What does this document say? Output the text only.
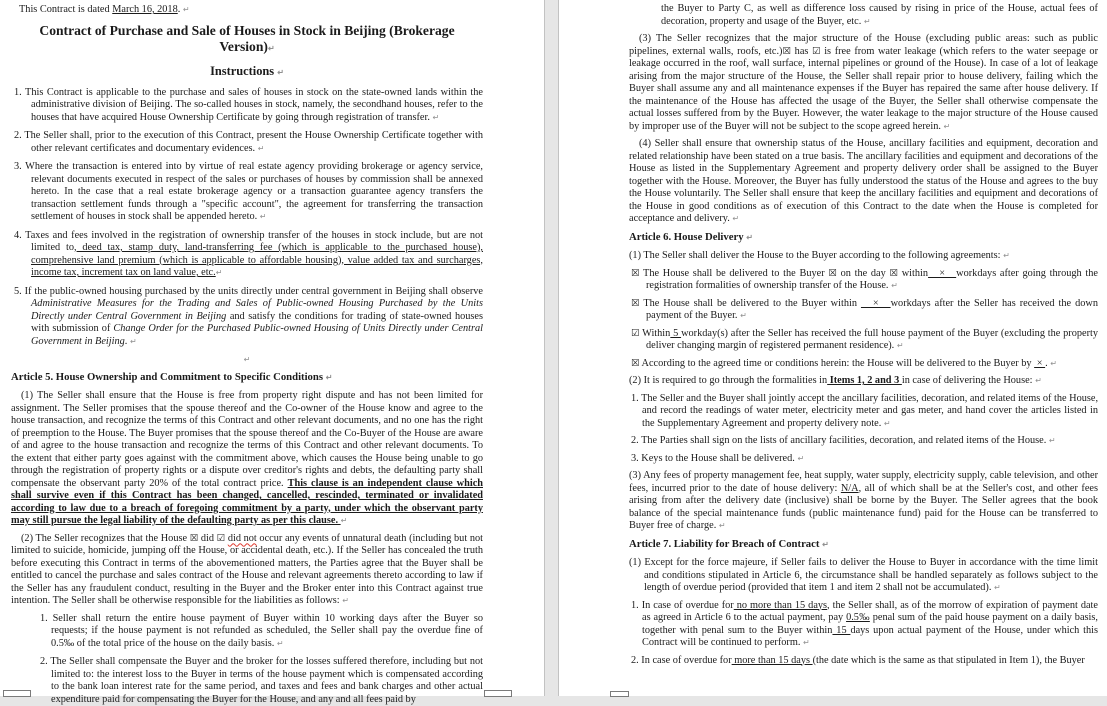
This Contract is dated March 16, 2018. ↵
Contract of Purchase and Sale of Houses in Stock in Beijing (Brokerage Version)↵
Instructions ↵
1. This Contract is applicable to the purchase and sales of houses in stock on the state-owned lands within the administrative division of Beijing. The so-called houses in stock, namely, the secondhand houses, refer to the houses that have acquired House Ownership Certificate by going through registration of transfer. ↵
2. The Seller shall, prior to the execution of this Contract, present the House Ownership Certificate together with other relevant certificates and documentary evidences. ↵
3. Where the transaction is entered into by virtue of real estate agency providing brokerage or agency service, relevant documents executed in respect of the sales or purchases of houses by commission shall be annexed hereto. In the case that a real estate brokerage agency or a transaction guarantee agency transfers the transaction settlement funds through a "specific account", the agreement for transferring the transaction settlement of houses in stock shall be appended hereto. ↵
4. Taxes and fees involved in the registration of ownership transfer of the houses in stock include, but are not limited to, deed tax, stamp duty, land-transferring fee (which is applicable to the purchased house), comprehensive land premium (which is applicable to affordable housing), value added tax and surcharges, income tax, increment tax on land value, etc.↵
5. If the public-owned housing purchased by the units directly under central government in Beijing shall observe Administrative Measures for the Trading and Sales of Public-owned Housing Purchased by the Units Directly under Central Government in Beijing and satisfy the conditions for trading of state-owned houses with submission of Change Order for the Purchased Public-owned Housing of Units Directly under Central Government in Beijing. ↵
↵
Article 5. House Ownership and Commitment to Specific Conditions ↵
(1) The Seller shall ensure that the House is free from property right dispute and has not been limited for assignment. The Seller promises that the spouse thereof and the Co-owner of the House know and agree to the house transaction, and recognize the terms of this Contract and other relevant documents, and no one has the right of preemption to the House. The Buyer promises that the spouse thereof and the Co-Buyer of the House are aware of and agree to the house transaction and recognize the terms of this Contract and other relevant documents. To the extent that either party goes against with the commitment above, which causes the House being unable to go through the registration of property rights or a dispute over creditor's rights and debts, the defaulting party shall compensate the observant party 20% of the total contract price. This clause is an independent clause which shall survive even if this Contract has been changed, cancelled, rescinded, terminated or invalidated according to law due to a breach of foregoing commitment by a party, under which the observant party may still pursue the legal liability of the defaulting party as per this clause. ↵
(2) The Seller recognizes that the House ☒ did ☑ did not occur any events of unnatural death (including but not limited to suicide, homicide, jumping off the House, or accidental death, etc.). If the Seller has concealed the truth before executing this Contract in terms of the abovementioned matters, the Parties agree that the Buyer shall be entitled to cancel the purchase and sales contract of the House and relevant agreements thereto according to law if the Seller has any fraudulent conduct, resulting in the Buyer and the Broker enter into this Contract against true intention. The Seller shall be otherwise responsible for the liabilities as follows: ↵
1. Seller shall return the entire house payment of Buyer within 10 working days after the Buyer so requests; if the house payment is not refunded as scheduled, the Seller shall pay the overdue fine of 0.5‰ of the total price of the house on the daily basis. ↵
2. The Seller shall compensate the Buyer and the broker for the losses suffered therefore, including but not limited to: the interest loss to the Buyer in terms of the house payment which is compensated according to the bank loan interest rate for the same period, and taxes and fees and bank charges and other actual expenditure paid for compensating the Buyer for the House, and any and all fees paid by
the Buyer to Party C, as well as difference loss caused by rising in price of the House, actual fees of decoration, property and usage of the Buyer, etc. ↵
(3) The Seller recognizes that the major structure of the House (excluding public areas: such as public pipelines, external walls, roofs, etc.)☒ has ☑ is free from water leakage (which refers to the water seepage or leakage occurred in the roof, wall surface, internal pipelines or ground of the House). In case of a lot of leakage arising from the major structure of the House, the Seller shall repair prior to house delivery, failing which the Buyer shall assume any and all maintenance expenses if the Buyer has repaired the same after house delivery. If the maintenance of the House has affected the usage of the Buyer, the Seller shall otherwise compensate the actual losses suffered from by the Buyer. However, the water leakage to the major structure of the House caused by improper use of the Buyer will not be subject to the scope agreed herein. ↵
(4) Seller shall ensure that ownership status of the House, ancillary facilities and equipment, decoration and related relationship have been stated on a true basis. The ancillary facilities and equipment and decorations of the House as listed in the Supplementary Agreement and property delivery order shall be assigned to the Buyer together with the House. Moreover, the Buyer has fully understood the status of the House and agrees to the buy the House voluntarily. The Seller shall ensure that keep the ancillary facilities and equipment and decorations of the House in good conditions as of execution of this Contract to the date when the House is completed for acceptance and delivery. ↵
Article 6. House Delivery ↵
(1) The Seller shall deliver the House to the Buyer according to the following agreements: ↵
☒ The House shall be delivered to the Buyer ☒ on the day ☒ within   ×   workdays after going through the registration formalities of ownership transfer of the House. ↵
☒ The House shall be delivered to the Buyer within    ×   workdays after the Seller has received the down payment of the Buyer. ↵
☑ Within 5 workday(s) after the Seller has received the full house payment of the Buyer (excluding the property deliver changing margin of registered permanent residence). ↵
☒ According to the agreed time or conditions herein: the House will be delivered to the Buyer by  × . ↵
(2) It is required to go through the formalities in Items 1, 2 and 3 in case of delivering the House: ↵
1. The Seller and the Buyer shall jointly accept the ancillary facilities, decoration, and related items of the House, and record the readings of water meter, electricity meter and gas meter, and hand cover the articles listed in the Supplementary Agreement and property delivery note. ↵
2. The Parties shall sign on the lists of ancillary facilities, decoration, and related items of the House. ↵
3. Keys to the House shall be delivered. ↵
(3) Any fees of property management fee, heat supply, water supply, electricity supply, cable television, and other fees, incurred prior to the date of house delivery: N/A, all of which shall be at the Seller's cost, and other fees arising from after the delivery date (inclusive) shall be borne by the Buyer. The Seller agrees that the book balance of the special maintenance funds (public maintenance fund) paid for the House can be transferred to Buyer free of charge. ↵
Article 7. Liability for Breach of Contract ↵
(1) Except for the force majeure, if Seller fails to deliver the House to Buyer in accordance with the time limit and conditions stipulated in Article 6, the circumstance shall be handled separately as follows subject to the length of overdue period (provided that item 1 and item 2 shall not be accumulated). ↵
1. In case of overdue for no more than 15 days, the Seller shall, as of the morrow of expiration of payment date as agreed in Article 6 to the actual payment, pay 0.5‰ penal sum of the paid house payment on a daily basis, together with penal sum to the Buyer within 15 days upon actual payment of the House, under which this Contract will be continued to perform. ↵
2. In case of overdue for more than 15 days (the date which is the same as that stipulated in Item 1), the Buyer
